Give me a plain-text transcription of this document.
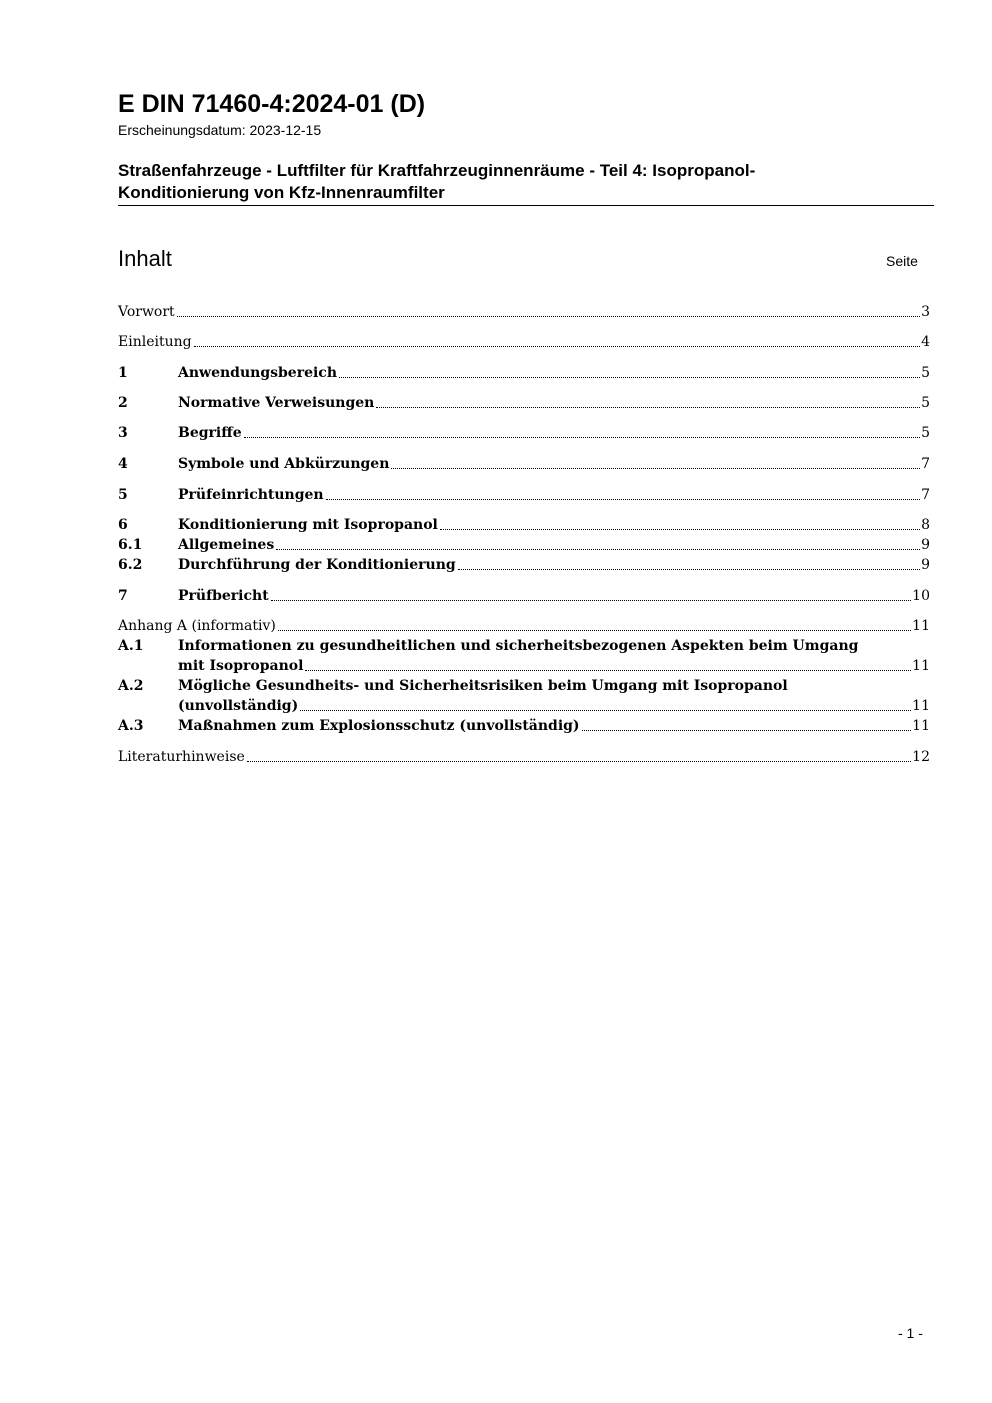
E DIN 71460-4:2024-01 (D)
Erscheinungsdatum: 2023-12-15
Straßenfahrzeuge - Luftfilter für Kraftfahrzeuginnenräume - Teil 4: Isopropanol-
Konditionierung von Kfz-Innenraumfilter
Inhalt	Seite
Vorwort	3
Einleitung	4
1	Anwendungsbereich	5
2	Normative Verweisungen	5
3	Begriffe	5
4	Symbole und Abkürzungen	7
5	Prüfeinrichtungen	7
6	Konditionierung mit Isopropanol	8
6.1	Allgemeines	9
6.2	Durchführung der Konditionierung	9
7	Prüfbericht	10
Anhang A (informativ)	11
A.1	Informationen zu gesundheitlichen und sicherheitsbezogenen Aspekten beim Umgang
mit Isopropanol	11
A.2	Mögliche Gesundheits- und Sicherheitsrisiken beim Umgang mit Isopropanol
(unvollständig)	11
A.3	Maßnahmen zum Explosionsschutz (unvollständig)	11
Literaturhinweise	12
- 1 -
